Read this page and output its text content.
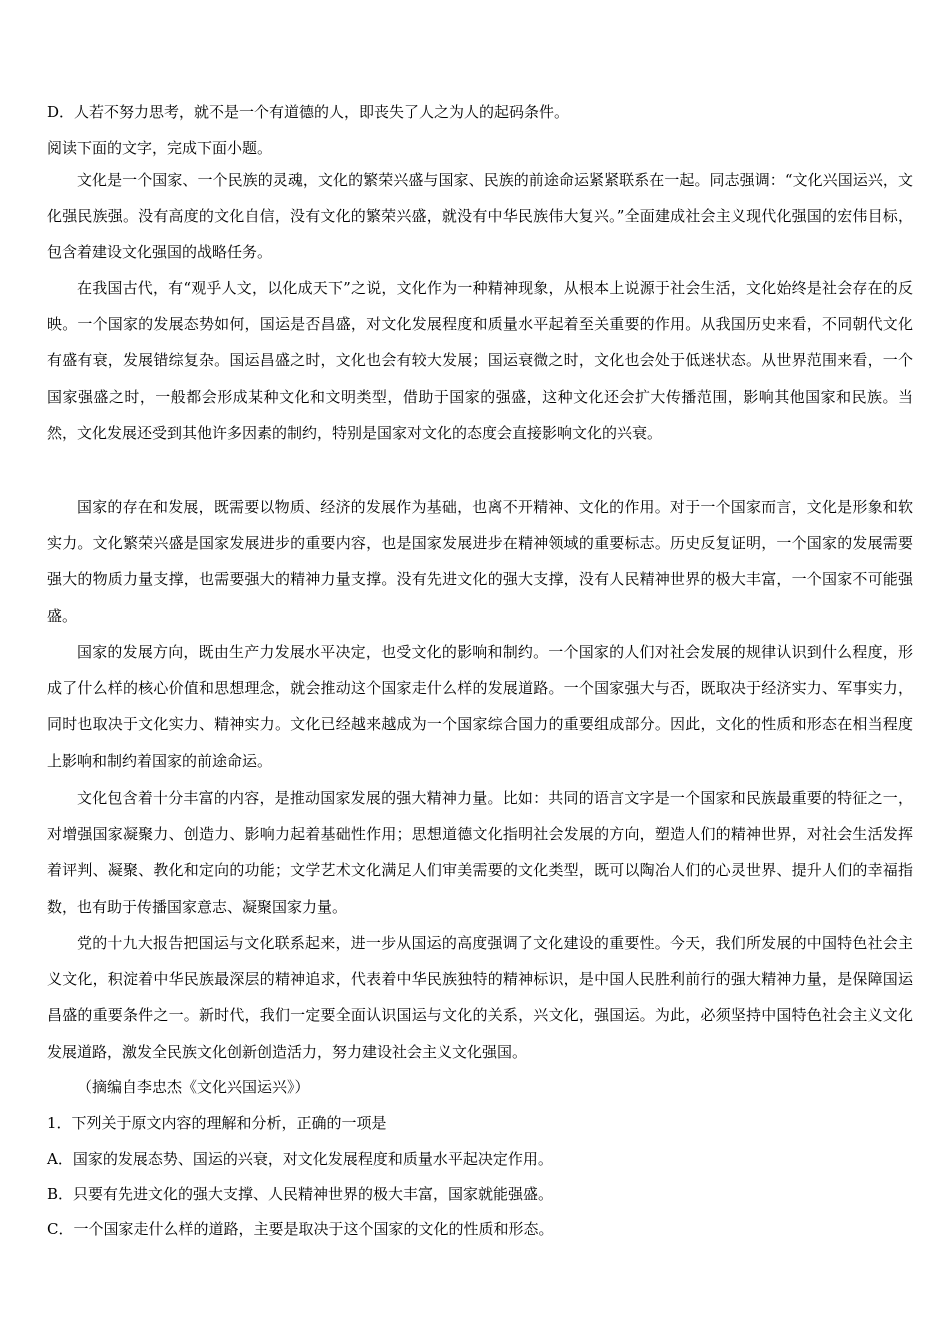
D．人若不努力思考，就不是一个有道德的人，即丧失了人之为人的起码条件。
阅读下面的文字，完成下面小题。
文化是一个国家、一个民族的灵魂，文化的繁荣兴盛与国家、民族的前途命运紧紧联系在一起。同志强调：“文化兴国运兴，文化强民族强。没有高度的文化自信，没有文化的繁荣兴盛，就没有中华民族伟大复兴。”全面建成社会主义现代化强国的宏伟目标，包含着建设文化强国的战略任务。
在我国古代，有“观乎人文，以化成天下”之说，文化作为一种精神现象，从根本上说源于社会生活，文化始终是社会存在的反映。一个国家的发展态势如何，国运是否昌盛，对文化发展程度和质量水平起着至关重要的作用。从我国历史来看，不同朝代文化有盛有衰，发展错综复杂。国运昌盛之时，文化也会有较大发展；国运衰微之时，文化也会处于低迷状态。从世界范围来看，一个国家强盛之时，一般都会形成某种文化和文明类型，借助于国家的强盛，这种文化还会扩大传播范围，影响其他国家和民族。当然，文化发展还受到其他许多因素的制约，特别是国家对文化的态度会直接影响文化的兴衰。
国家的存在和发展，既需要以物质、经济的发展作为基础，也离不开精神、文化的作用。对于一个国家而言，文化是形象和软实力。文化繁荣兴盛是国家发展进步的重要内容，也是国家发展进步在精神领域的重要标志。历史反复证明，一个国家的发展需要强大的物质力量支撑，也需要强大的精神力量支撑。没有先进文化的强大支撑，没有人民精神世界的极大丰富，一个国家不可能强盛。
国家的发展方向，既由生产力发展水平决定，也受文化的影响和制约。一个国家的人们对社会发展的规律认识到什么程度，形成了什么样的核心价值和思想理念，就会推动这个国家走什么样的发展道路。一个国家强大与否，既取决于经济实力、军事实力，同时也取决于文化实力、精神实力。文化已经越来越成为一个国家综合国力的重要组成部分。因此，文化的性质和形态在相当程度上影响和制约着国家的前途命运。
文化包含着十分丰富的内容，是推动国家发展的强大精神力量。比如：共同的语言文字是一个国家和民族最重要的特征之一，对增强国家凝聚力、创造力、影响力起着基础性作用；思想道德文化指明社会发展的方向，塑造人们的精神世界，对社会生活发挥着评判、凝聚、教化和定向的功能；文学艺术文化满足人们审美需要的文化类型，既可以陶冶人们的心灵世界、提升人们的幸福指数，也有助于传播国家意志、凝聚国家力量。
党的十九大报告把国运与文化联系起来，进一步从国运的高度强调了文化建设的重要性。今天，我们所发展的中国特色社会主义文化，积淀着中华民族最深层的精神追求，代表着中华民族独特的精神标识，是中国人民胜利前行的强大精神力量，是保障国运昌盛的重要条件之一。新时代，我们一定要全面认识国运与文化的关系，兴文化，强国运。为此，必须坚持中国特色社会主义文化发展道路，激发全民族文化创新创造活力，努力建设社会主义文化强国。
（摘编自李忠杰《文化兴国运兴》）
1．下列关于原文内容的理解和分析，正确的一项是
A．国家的发展态势、国运的兴衰，对文化发展程度和质量水平起决定作用。
B．只要有先进文化的强大支撑、人民精神世界的极大丰富，国家就能强盛。
C．一个国家走什么样的道路，主要是取决于这个国家的文化的性质和形态。
